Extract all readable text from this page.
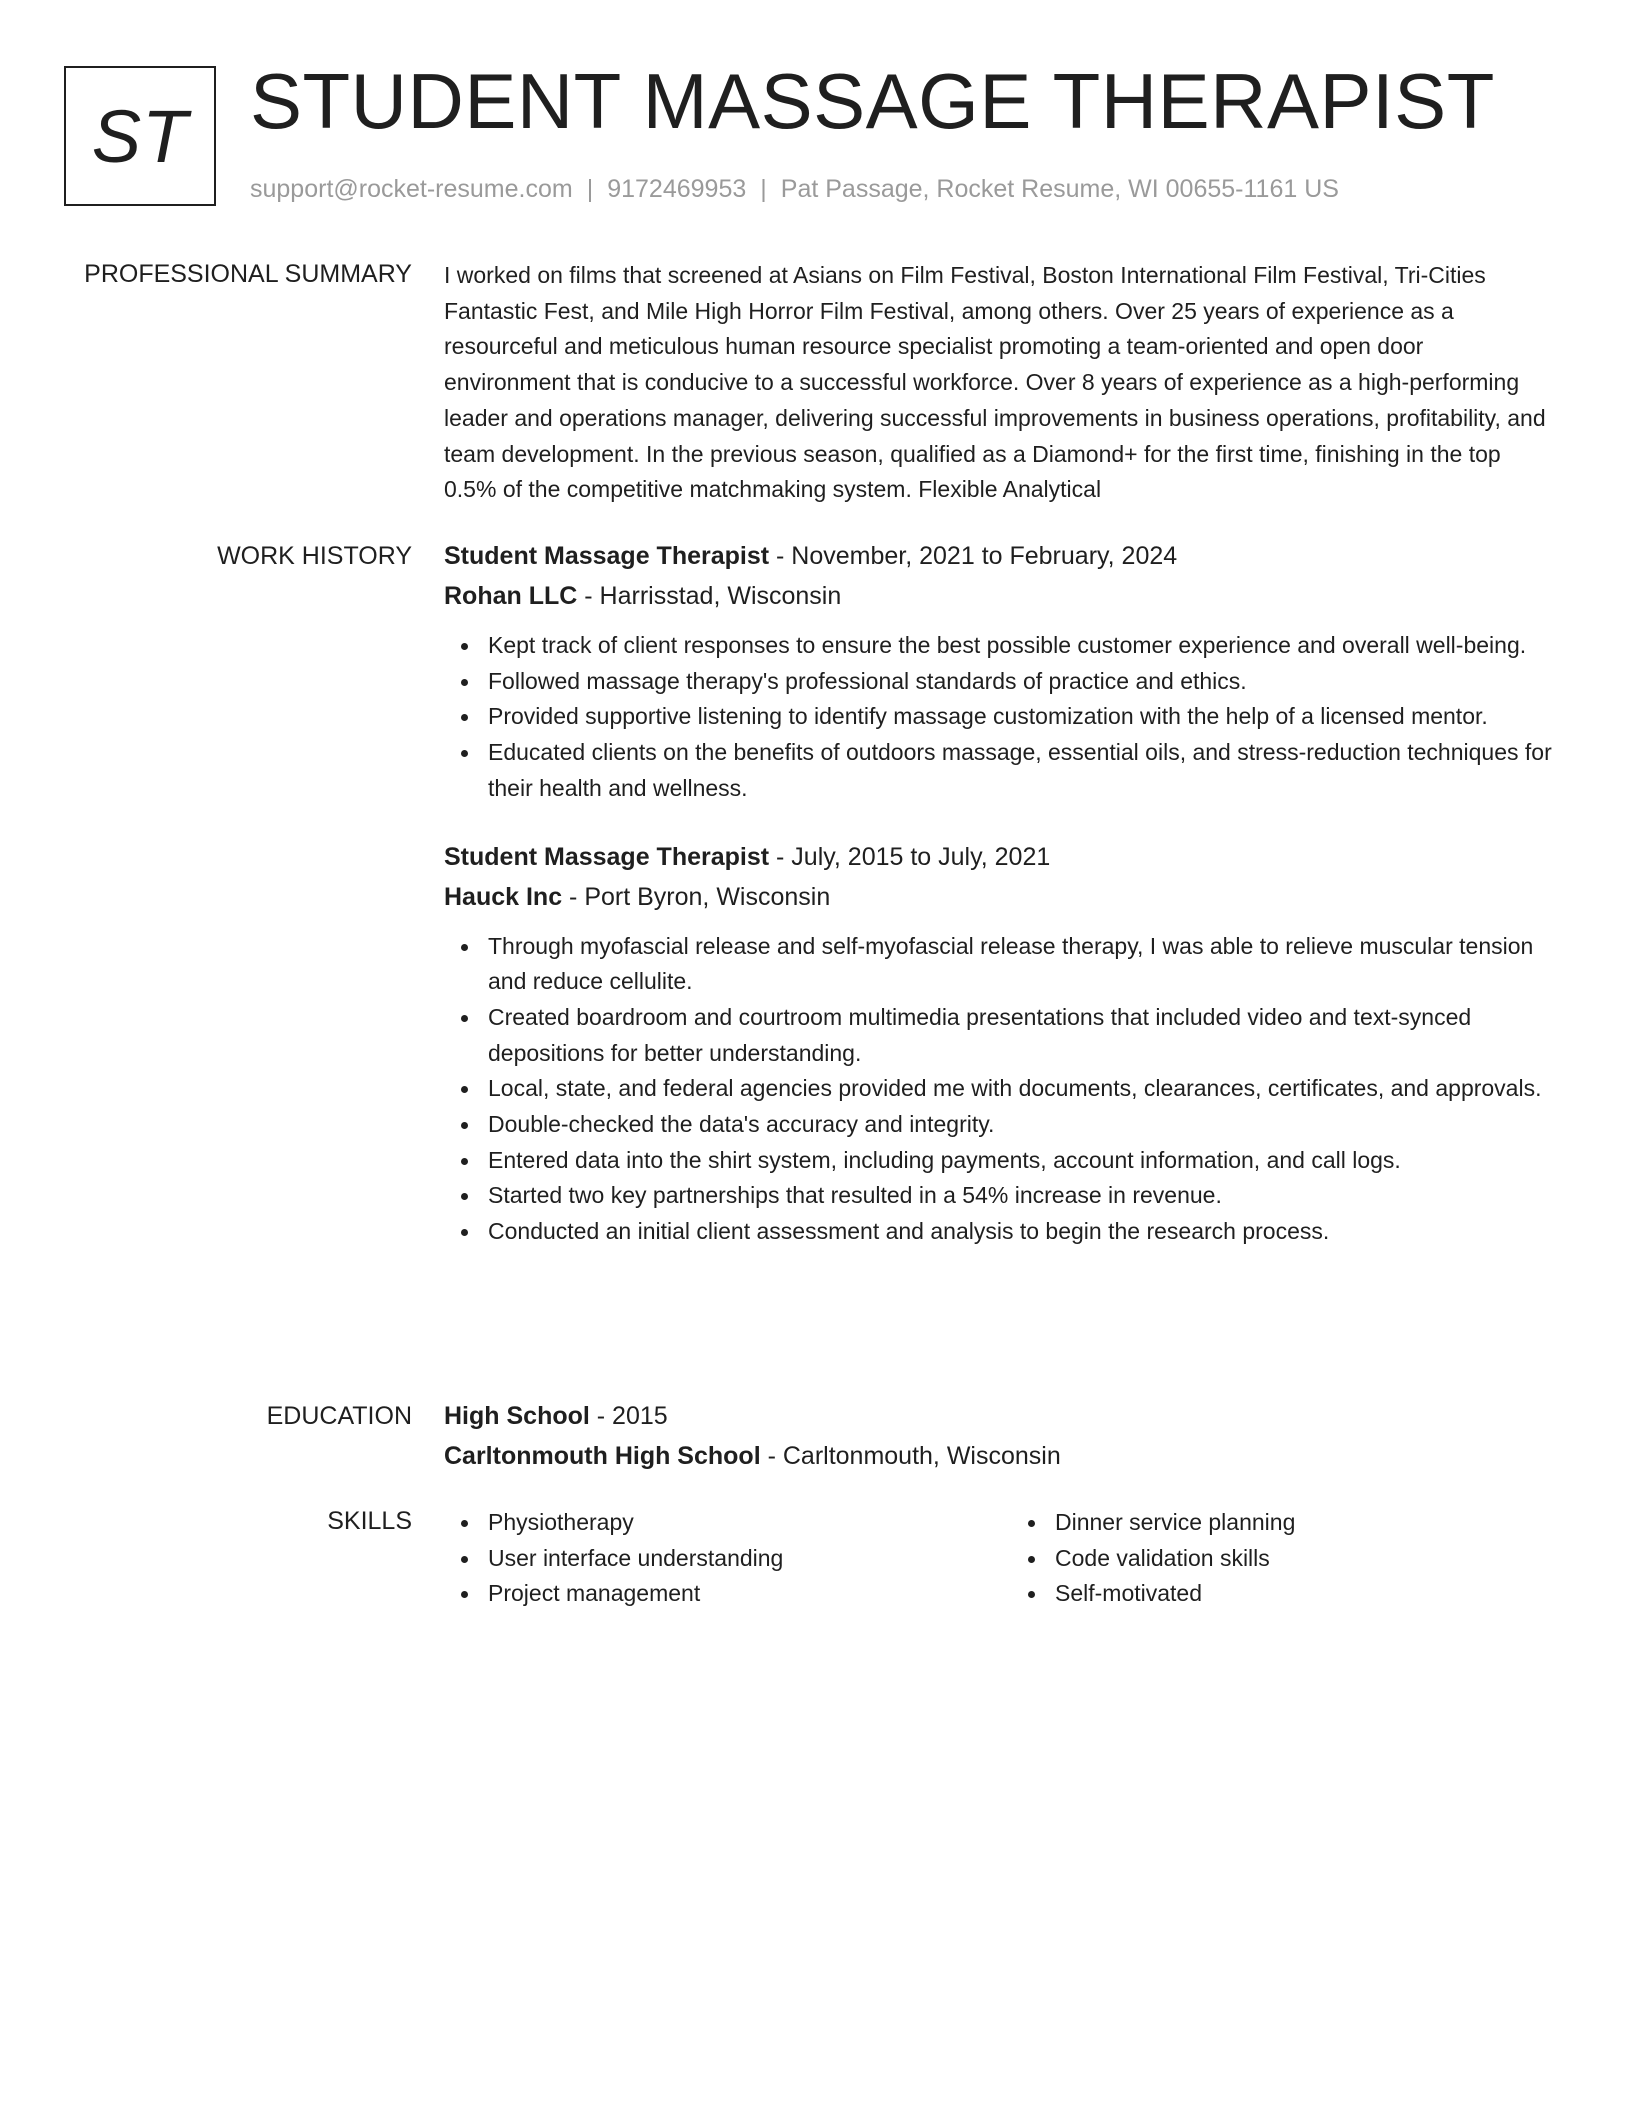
ST STUDENT MASSAGE THERAPIST
support@rocket-resume.com | 9172469953 | Pat Passage, Rocket Resume, WI 00655-1161 US
PROFESSIONAL SUMMARY I worked on films that screened at Asians on Film Festival, Boston International Film Festival, Tri-Cities Fantastic Fest, and Mile High Horror Film Festival, among others. Over 25 years of experience as a resourceful and meticulous human resource specialist promoting a team-oriented and open door environment that is conducive to a successful workforce. Over 8 years of experience as a high-performing leader and operations manager, delivering successful improvements in business operations, profitability, and team development. In the previous season, qualified as a Diamond+ for the first time, finishing in the top 0.5% of the competitive matchmaking system. Flexible Analytical

WORK HISTORY Student Massage Therapist - November, 2021 to February, 2024
Rohan LLC - Harrisstad, Wisconsin
Kept track of client responses to ensure the best possible customer experience and overall well-being.
Followed massage therapy's professional standards of practice and ethics.
Provided supportive listening to identify massage customization with the help of a licensed mentor.
Educated clients on the benefits of outdoors massage, essential oils, and stress-reduction techniques for their health and wellness.
Student Massage Therapist - July, 2015 to July, 2021
Hauck Inc - Port Byron, Wisconsin
Through myofascial release and self-myofascial release therapy, I was able to relieve muscular tension and reduce cellulite.
Created boardroom and courtroom multimedia presentations that included video and text-synced depositions for better understanding.
Local, state, and federal agencies provided me with documents, clearances, certificates, and approvals.
Double-checked the data's accuracy and integrity.
Entered data into the shirt system, including payments, account information, and call logs.
Started two key partnerships that resulted in a 54% increase in revenue.
Conducted an initial client assessment and analysis to begin the research process.
EDUCATION High School - 2015
Carltonmouth High School - Carltonmouth, Wisconsin
SKILLS	Physiotherapy
User interface understanding
Project management
Dinner service planning
Code validation skills
Self-motivated
